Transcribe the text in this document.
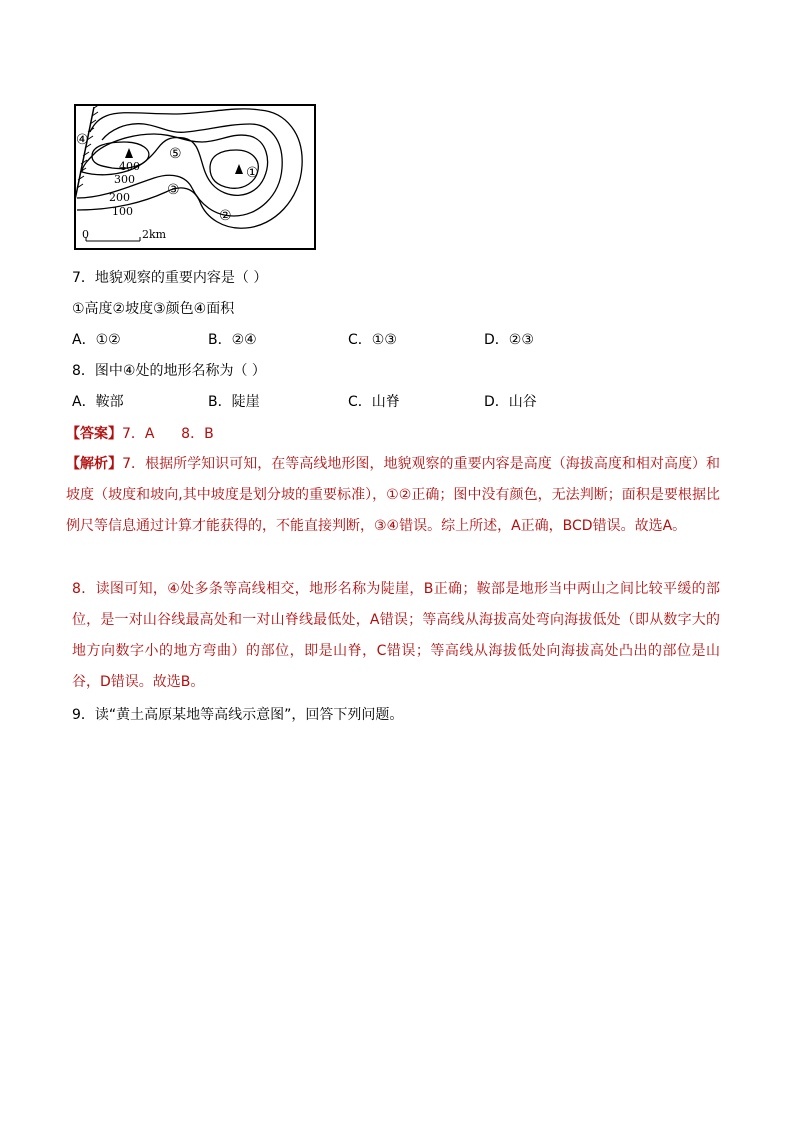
400
300
200
100
④
⑤
①
③
②
0	2km
7．地貌观察的重要内容是（ ）
①高度②坡度③颜色④面积
A．①②	B．②④	C．①③	D．②③
8．图中④处的地形名称为（ ）
A．鞍部	B．陡崖	C．山脊	D．山谷
【答案】7．A      8．B
【解析】7．根据所学知识可知，在等高线地形图，地貌观察的重要内容是高度（海拔高度和相对高度）和坡度（坡度和坡向,其中坡度是划分坡的重要标准），①②正确；图中没有颜色，无法判断；面积是要根据比例尺等信息通过计算才能获得的，不能直接判断，③④错误。综上所述，A正确，BCD错误。故选A。
8．读图可知，④处多条等高线相交，地形名称为陡崖，B正确；鞍部是地形当中两山之间比较平缓的部位，是一对山谷线最高处和一对山脊线最低处，A错误；等高线从海拔高处弯向海拔低处（即从数字大的地方向数字小的地方弯曲）的部位，即是山脊，C错误；等高线从海拔低处向海拔高处凸出的部位是山谷，D错误。故选B。
9．读“黄土高原某地等高线示意图”，回答下列问题。
